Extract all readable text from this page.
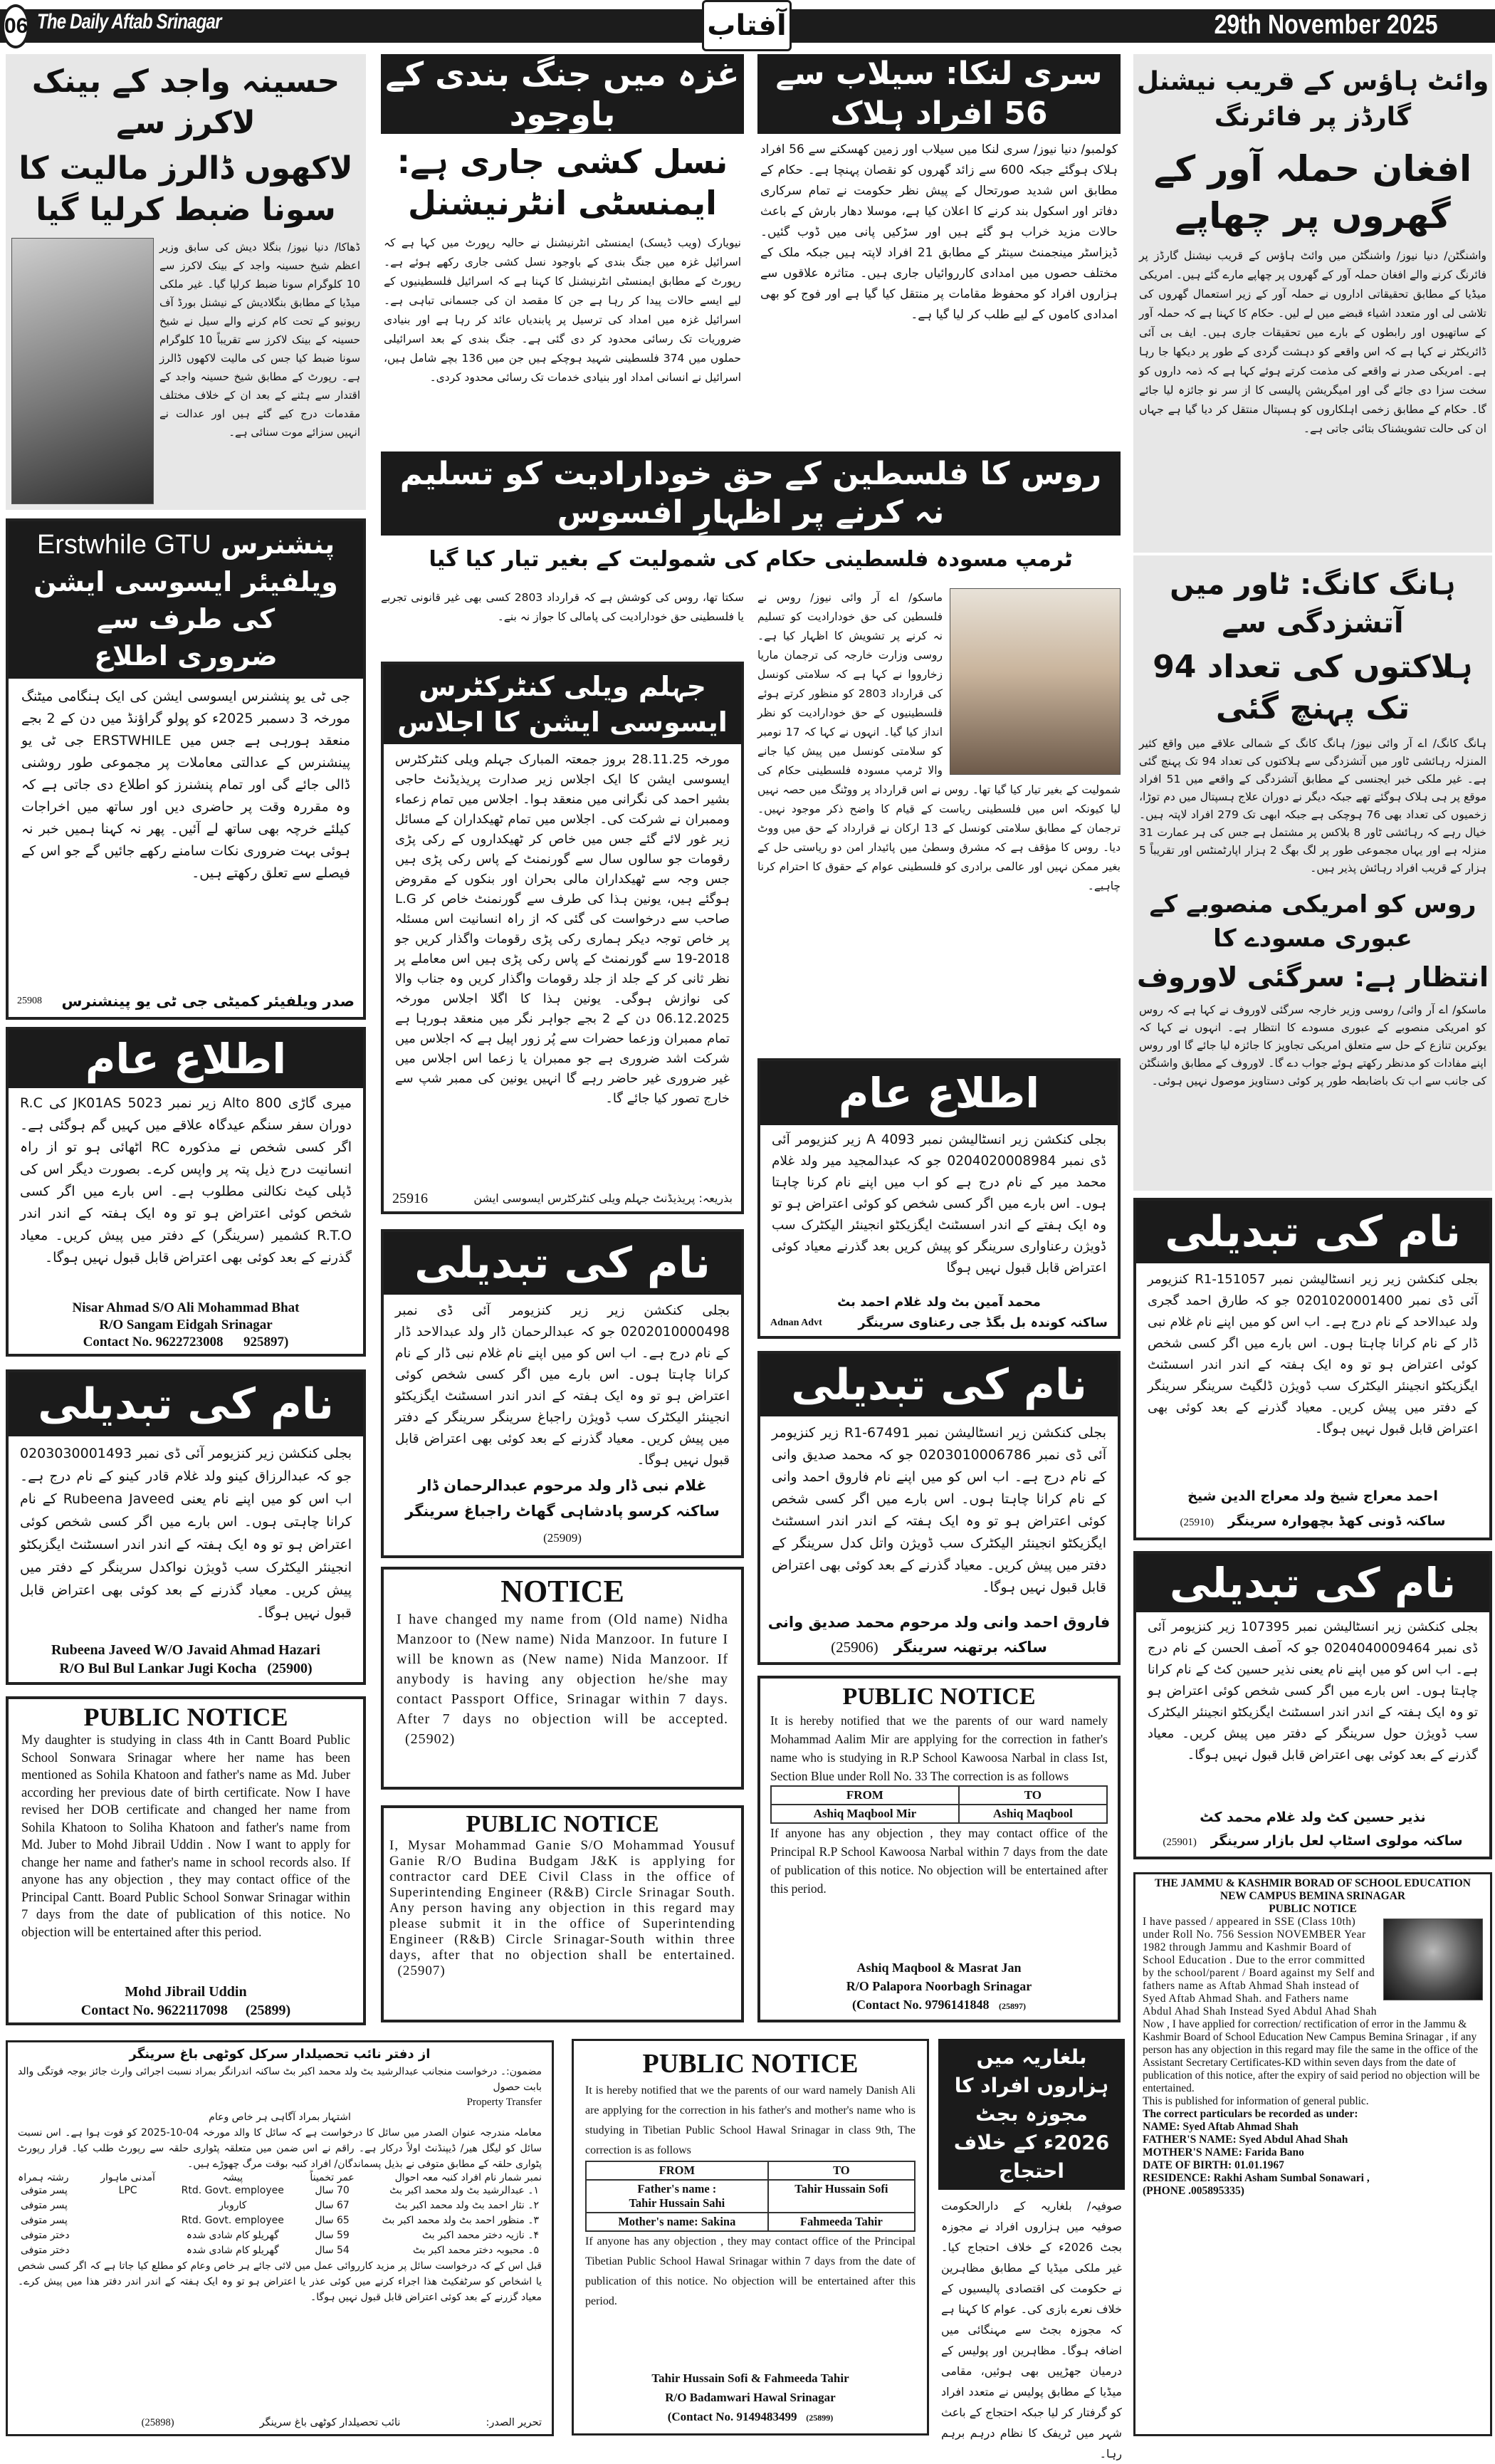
06 The Daily Aftab Srinagar	آفتاب	29th November 2025
حسینہ واجد کے بینک لاکرز سے
لاکھوں ڈالرز مالیت کا سونا ضبط کرلیا گیا
ڈھاکا/ دنیا نیوز/ بنگلا دیش کی سابق وزیر اعظم شیخ حسینہ واجد کے بینک لاکرز سے 10 کلوگرام سونا ضبط کرلیا گیا۔ غیر ملکی میڈیا کے مطابق بنگلادیش کے نیشنل بورڈ آف ریونیو کے تحت کام کرنے والے سیل نے شیخ حسینہ کے بینک لاکرز سے تقریباً 10 کلوگرام سونا ضبط کیا جس کی مالیت لاکھوں ڈالرز ہے۔ رپورٹ کے مطابق شیخ حسینہ واجد کے اقتدار سے ہٹنے کے بعد ان کے خلاف مختلف مقدمات درج کیے گئے ہیں اور عدالت نے انہیں سزائے موت سنائی ہے۔
پنشنرس Erstwhile GTU
ویلفیئر ایسوسی ایشن کی طرف سے
ضروری اطلاع
جی ٹی یو پنشنرس ایسوسی ایشن کی ایک ہنگامی میٹنگ مورخہ 3 دسمبر 2025ء کو پولو گراؤنڈ میں دن کے 2 بجے منعقد ہورہی ہے جس میں ERSTWHILE جی ٹی یو پینشنرس کے عدالتی معاملات پر مجموعی طور روشنی ڈالی جائے گی اور تمام پنشنرز کو اطلاع دی جاتی ہے کہ وہ مقررہ وقت پر حاضری دیں اور ساتھ میں اخراجات کیلئے خرچہ بھی ساتھ لے آئیں۔ پھر نہ کہنا ہمیں خبر نہ ہوئی بہت ضروری نکات سامنے رکھے جائیں گے جو اس کے فیصلے سے تعلق رکھتے ہیں۔
25908 صدر ویلفیئر کمیٹی جی ٹی یو پینشنرس
اطلاع عام
میری گاڑی Alto 800 زیر نمبر JK01AS 5023 کی R.C دوران سفر سنگم عیدگاہ علاقے میں کہیں گم ہوگئی ہے۔ اگر کسی شخص نے مذکورہ RC اٹھائی ہو تو از راہ انسانیت درج ذیل پتہ پر واپس کرے۔ بصورت دیگر اس کی ڈپلی کیٹ نکالنی مطلوب ہے۔ اس بارے میں اگر کسی شخص کوئی اعتراض ہو تو وہ ایک ہفتہ کے اندر اندر R.T.O کشمیر (سرینگر) کے دفتر میں پیش کریں۔ معیاد گذرنے کے بعد کوئی بھی اعتراض قابل قبول نہیں ہوگا۔
Nisar Ahmad S/O Ali Mohammad Bhat
R/O Sangam Eidgah Srinagar
Contact No. 9622723008 925897)
نام کی تبدیلی
بجلی کنکشن زیر کنزیومر آئی ڈی نمبر 0203030001493 جو کہ عبدالرزاق کینو ولد غلام قادر کینو کے نام درج ہے۔ اب اس کو میں اپنے نام یعنی Rubeena Javeed کے نام کرانا چاہتی ہوں۔ اس بارے میں اگر کسی شخص کوئی اعتراض ہو تو وہ ایک ہفتہ کے اندر اندر اسسٹنٹ ایگزیکٹو انجینئر الیکٹرک سب ڈویژن نواکدل سرینگر کے دفتر میں پیش کریں۔ معیاد گذرنے کے بعد کوئی بھی اعتراض قابل قبول نہیں ہوگا۔
Rubeena Javeed W/O Javaid Ahmad Hazari
R/O Bul Bul Lankar Jugi Kocha (25900)
PUBLIC NOTICE
My daughter is studying in class 4th in Cantt Board Public School Sonwara Srinagar where her name has been mentioned as Sohila Khatoon and father's name as Md. Juber according her previous date of birth certificate. Now I have revised her DOB certificate and changed her name from Sohila Khatoon to Soliha Khatoon and father's name from Md. Juber to Mohd Jibrail Uddin . Now I want to apply for change her name and father's name in school records also. If anyone has any objection , they may contact office of the Principal Cantt. Board Public School Sonwar Srinagar within 7 days from the date of publication of this notice. No objection will be entertained after this period.
Mohd Jibrail Uddin
Contact No. 9622117098 (25899)
غزہ میں جنگ بندی کے باوجود
نسل کشی جاری ہے: ایمنسٹی انٹرنیشنل
نیویارک (ویب ڈیسک) ایمنسٹی انٹرنیشنل نے حالیہ رپورٹ میں کہا ہے کہ اسرائیل غزہ میں جنگ بندی کے باوجود نسل کشی جاری رکھے ہوئے ہے۔ رپورٹ کے مطابق ایمنسٹی انٹرنیشنل کا کہنا ہے کہ اسرائیل فلسطینیوں کے لیے ایسے حالات پیدا کر رہا ہے جن کا مقصد ان کی جسمانی تباہی ہے۔ اسرائیل غزہ میں امداد کی ترسیل پر پابندیاں عائد کر رہا ہے اور بنیادی ضروریات تک رسائی محدود کر دی گئی ہے۔ جنگ بندی کے بعد اسرائیلی حملوں میں 374 فلسطینی شہید ہوچکے ہیں جن میں 136 بچے شامل ہیں، اسرائیل نے انسانی امداد اور بنیادی خدمات تک رسائی محدود کردی۔
سری لنکا: سیلاب سے 56 افراد ہلاک
کولمبو/ دنیا نیوز/ سری لنکا میں سیلاب اور زمین کھسکنے سے 56 افراد ہلاک ہوگئے جبکہ 600 سے زائد گھروں کو نقصان پہنچا ہے۔ حکام کے مطابق اس شدید صورتحال کے پیش نظر حکومت نے تمام سرکاری دفاتر اور اسکول بند کرنے کا اعلان کیا ہے، موسلا دھار بارش کے باعث حالات مزید خراب ہو گئے ہیں اور سڑکیں پانی میں ڈوب گئیں۔ ڈیزاسٹر مینجمنٹ سینٹر کے مطابق 21 افراد لاپتہ ہیں جبکہ ملک کے مختلف حصوں میں امدادی کارروائیاں جاری ہیں۔ متاثرہ علاقوں سے ہزاروں افراد کو محفوظ مقامات پر منتقل کیا گیا ہے اور فوج کو بھی امدادی کاموں کے لیے طلب کر لیا گیا ہے۔
وائٹ ہاؤس کے قریب نیشنل گارڈز پر فائرنگ
افغان حملہ آور کے گھروں پر چھاپے
واشنگٹن/ دنیا نیوز/ واشنگٹن میں وائٹ ہاؤس کے قریب نیشنل گارڈز پر فائرنگ کرنے والے افغان حملہ آور کے گھروں پر چھاپے مارے گئے ہیں۔ امریکی میڈیا کے مطابق تحقیقاتی اداروں نے حملہ آور کے زیر استعمال گھروں کی تلاشی لی اور متعدد اشیاء قبضے میں لے لیں۔ حکام کا کہنا ہے کہ حملہ آور کے ساتھیوں اور رابطوں کے بارے میں تحقیقات جاری ہیں۔ ایف بی آئی ڈائریکٹر نے کہا ہے کہ اس واقعے کو دہشت گردی کے طور پر دیکھا جا رہا ہے۔ امریکی صدر نے واقعے کی مذمت کرتے ہوئے کہا ہے کہ ذمہ داروں کو سخت سزا دی جائے گی اور امیگریشن پالیسی کا از سر نو جائزہ لیا جائے گا۔ حکام کے مطابق زخمی اہلکاروں کو ہسپتال منتقل کر دیا گیا ہے جہاں ان کی حالت تشویشناک بتائی جاتی ہے۔
روس کا فلسطین کے حق خودارادیت کو تسلیم نہ کرنے پر اظہارِ افسوس
ٹرمپ مسودہ فلسطینی حکام کی شمولیت کے بغیر تیار کیا گیا
سکتا تھا، روس کی کوشش ہے کہ قرارداد 2803 کسی بھی غیر قانونی تجربے یا فلسطینی حق خودارادیت کی پامالی کا جواز نہ بنے۔
ماسکو/ اے آر وائی نیوز/ روس نے فلسطین کی حق خودارادیت کو تسلیم نہ کرنے پر تشویش کا اظہار کیا ہے۔ روسی وزارت خارجہ کی ترجمان ماریا زخارووا نے کہا ہے کہ سلامتی کونسل کی قرارداد 2803 کو منظور کرتے ہوئے فلسطینیوں کے حق خودارادیت کو نظر انداز کیا گیا۔ انہوں نے کہا کہ 17 نومبر کو سلامتی کونسل میں پیش کیا جانے والا ٹرمپ مسودہ فلسطینی حکام کی شمولیت کے بغیر تیار کیا گیا تھا۔ روس نے اس قرارداد پر ووٹنگ میں حصہ نہیں لیا کیونکہ اس میں فلسطینی ریاست کے قیام کا واضح ذکر موجود نہیں۔ ترجمان کے مطابق سلامتی کونسل کے 13 ارکان نے قرارداد کے حق میں ووٹ دیا۔ روس کا مؤقف ہے کہ مشرق وسطیٰ میں پائیدار امن دو ریاستی حل کے بغیر ممکن نہیں اور عالمی برادری کو فلسطینی عوام کے حقوق کا احترام کرنا چاہیے۔
جہلم ویلی کنٹرکٹرس ایسوسی ایشن کا اجلاس
مورخہ 28.11.25 بروز جمعتہ المبارک جہلم ویلی کنٹرکٹرس ایسوسی ایشن کا ایک اجلاس زیر صدارت پریذیڈنٹ حاجی بشیر احمد کی نگرانی میں منعقد ہوا۔ اجلاس میں تمام زعماء وممبران نے شرکت کی۔ اجلاس میں تمام ٹھیکداران کے مسائل زیر غور لائے گئے جس میں خاص کر ٹھیکداروں کے رکی پڑی رقومات جو سالوں سال سے گورنمنٹ کے پاس رکی پڑی ہیں جس وجہ سے ٹھیکداران مالی بحران اور بنکوں کے مقروض ہوگئے ہیں، یونین ہذا کی طرف سے گورنمنٹ خاص کر L.G صاحب سے درخواست کی گئی کہ از راہ انسانیت اس مسئلہ پر خاص توجہ دیکر ہماری رکی پڑی رقومات واگذار کریں جو 2018-19 سے گورنمنٹ کے پاس رکی پڑی ہیں اس معاملے پر نظر ثانی کر کے جلد از جلد رقومات واگذار کریں وہ جناب والا کی نوازش ہوگی۔ یونین ہذا کا اگلا اجلاس مورخہ 06.12.2025 دن کے 2 بجے جواہر نگر میں منعقد ہورہا ہے تمام ممبران وزعما حضرات سے پُر زور اپیل ہے کہ اجلاس میں شرکت اشد ضروری ہے جو ممبران یا زعما اس اجلاس میں غیر ضروری غیر حاضر رہے گا انہیں یونین کی ممبر شپ سے خارج تصور کیا جائے گا۔
25916	بذریعہ: پریذیڈنٹ جہلم ویلی کنٹرکٹرس ایسوسی ایشن
نام کی تبدیلی
بجلی کنکشن زیر زیر کنزیومر آئی ڈی نمبر 0202010000498 جو کہ عبدالرحمان ڈار ولد عبدالاحد ڈار کے نام درج ہے۔ اب اس کو میں اپنے نام غلام نبی ڈار کے نام کرانا چاہتا ہوں۔ اس بارے میں اگر کسی شخص کوئی اعتراض ہو تو وہ ایک ہفتہ کے اندر اندر اسسٹنٹ ایگزیکٹو انجینئر الیکٹرک سب ڈویژن راجباغ سرینگر سرینگر کے دفتر میں پیش کریں۔ معیاد گذرنے کے بعد کوئی بھی اعتراض قابل قبول نہیں ہوگا۔
غلام نبی ڈار ولد مرحوم عبدالرحمان ڈار
ساکنہ کرسو پادشاہی گھاٹ راجباغ سرینگر (25909)
NOTICE
I have changed my name from (Old name) Nidha Manzoor to (New name) Nida Manzoor. In future I will be known as (New name) Nida Manzoor. If anybody is having any objection he/she may contact Passport Office, Srinagar within 7 days. After 7 days no objection will be accepted.   (25902)
PUBLIC NOTICE
I, Mysar Mohammad Ganie S/O Mohammad Yousuf Ganie R/O Budina Budgam J&K is applying for contractor card DEE Civil Class in the office of Superintending Engineer (R&B) Circle Srinagar South. Any person having any objection in this regard may please submit it in the office of Superintending Engineer (R&B) Circle Srinagar-South within three days, after that no objection shall be entertained.   (25907)
اطلاع عام
بجلی کنکشن زیر انسٹالیشن نمبر A 4093 زیر کنزیومر آئی ڈی نمبر 0204020008984 جو کہ عبدالمجید میر ولد غلام محمد میر کے نام درج ہے کو اب میں اپنے نام کرنا چاہتا ہوں۔ اس بارے میں اگر کسی شخص کو کوئی اعتراض ہو تو وہ ایک ہفتے کے اندر اسسٹنٹ ایگزیکٹو انجینئر الیکٹرک سب ڈویژن رعناواری سرینگر کو پیش کریں بعد گذرنے معیاد کوئی اعتراض قابل قبول نہیں ہوگا
محمد آمین بٹ ولد غلام احمد بٹ
Adnan Advt	ساکنہ کوندہ بل بگڈ جی رعناوی سرینگر
نام کی تبدیلی
بجلی کنکشن زیر انسٹالیشن نمبر 67491-R1 زیر کنزیومر آئی ڈی نمبر 0203010006786 جو کہ محمد صدیق وانی کے نام درج ہے۔ اب اس کو میں اپنے نام فاروق احمد وانی کے نام کرانا چاہتا ہوں۔ اس بارے میں اگر کسی شخص کوئی اعتراض ہو تو وہ ایک ہفتہ کے اندر اندر اسسٹنٹ ایگزیکٹو انجینئر الیکٹرک سب ڈویژن واتل کدل سرینگر کے دفتر میں پیش کریں۔ معیاد گذرنے کے بعد کوئی بھی اعتراض قابل قبول نہیں ہوگا۔
فاروق احمد وانی ولد مرحوم محمد صدیق وانی
ساکنہ برتھنہ سرینگر   (25906)
PUBLIC NOTICE
It is hereby notified that we the parents of our ward namely Mohammad Aalim Mir are applying for the correction in father's name who is studying in R.P School Kawoosa Narbal in class Ist, Section Blue under Roll No. 33 The correction is as follows
FROM	TO
Ashiq Maqbool Mir	Ashiq Maqbool
If anyone has any objection , they may contact office of the Principal R.P School Kawoosa Narbal within 7 days from the date of publication of this notice. No objection will be entertained after this period.
Ashiq Maqbool & Masrat Jan
R/O Palapora Noorbagh Srinagar
(Contact No. 9796141848 (25897)
ہانگ کانگ: ٹاور میں آتشزدگی سے
ہلاکتوں کی تعداد 94 تک پہنچ گئی
ہانگ کانگ/ اے آر وائی نیوز/ ہانگ کانگ کے شمالی علاقے میں واقع کثیر المنزلہ رہائشی ٹاور میں آتشزدگی سے ہلاکتوں کی تعداد 94 تک پہنچ گئی ہے۔ غیر ملکی خبر ایجنسی کے مطابق آتشزدگی کے واقعے میں 51 افراد موقع پر ہی ہلاک ہوگئے تھے جبکہ دیگر نے دوران علاج ہسپتال میں دم توڑا، زخمیوں کی تعداد بھی 76 ہوچکی ہے جبکہ ابھی تک 279 افراد لاپتہ ہیں۔ خیال رہے کہ رہائشی ٹاور 8 بلاکس پر مشتمل ہے جس کی ہر عمارت 31 منزلہ ہے اور یہاں مجموعی طور پر لگ بھگ 2 ہزار اپارٹمنٹس اور تقریباً 5 ہزار کے قریب افراد رہائش پذیر ہیں۔
روس کو امریکی منصوبے کے عبوری مسودے کا
انتظار ہے: سرگئی لاوروف
ماسکو/ اے آر وائی/ روسی وزیر خارجہ سرگئی لاوروف نے کہا ہے کہ روس کو امریکی منصوبے کے عبوری مسودے کا انتظار ہے۔ انہوں نے کہا کہ یوکرین تنازع کے حل سے متعلق امریکی تجاویز کا جائزہ لیا جائے گا اور روس اپنے مفادات کو مدنظر رکھتے ہوئے جواب دے گا۔ لاوروف کے مطابق واشنگٹن کی جانب سے اب تک باضابطہ طور پر کوئی دستاویز موصول نہیں ہوئی۔
نام کی تبدیلی
بجلی کنکشن زیر زیر انسٹالیشن نمبر 151057-R1 کنزیومر آئی ڈی نمبر 0201020001400 جو کہ طارق احمد گجری ولد عبدالاحد کے نام درج ہے۔ اب اس کو میں اپنے نام غلام نبی ڈار کے نام کرانا چاہتا ہوں۔ اس بارے میں اگر کسی شخص کوئی اعتراض ہو تو وہ ایک ہفتہ کے اندر اندر اسسٹنٹ ایگزیکٹو انجینئر الیکٹرک سب ڈویژن ڈلگیٹ سرینگر سرینگر کے دفتر میں پیش کریں۔ معیاد گذرنے کے بعد کوئی بھی اعتراض قابل قبول نہیں ہوگا۔
احمد معراج شیخ ولد معراج الدین شیخ
ساکنہ ڈونی کھڈ بچھوارہ سرینگر   (25910)
نام کی تبدیلی
بجلی کنکشن زیر انسٹالیشن نمبر 107395 زیر کنزیومر آئی ڈی نمبر 0204040009464 جو کہ آصف الحسن کے نام درج ہے۔ اب اس کو میں اپنے نام یعنی نذیر حسین کٹ کے نام کرانا چاہتا ہوں۔ اس بارے میں اگر کسی شخص کوئی اعتراض ہو تو وہ ایک ہفتہ کے اندر اندر اسسٹنٹ ایگزیکٹو انجینئر الیکٹرک سب ڈویژن حول سرینگر کے دفتر میں پیش کریں۔ معیاد گذرنے کے بعد کوئی بھی اعتراض قابل قبول نہیں ہوگا۔
نذیر حسین کٹ ولد غلام محمد کٹ
ساکنہ مولوی اسٹاپ لعل بازار سرینگر   (25901)
THE JAMMU & KASHMIR BORAD OF SCHOOL EDUCATION
NEW CAMPUS BEMINA SRINAGAR
PUBLIC NOTICE
I have passed / appeared in SSE (Class 10th) under Roll No. 756 Session NOVEMBER Year 1982 through Jammu and Kashmir Board of School Education . Due to the error committed by the school/parent / Board against my Self and fathers name as Aftab Ahmad Shah instead of Syed Aftab Ahmad Shah. and Fathers name Abdul Ahad Shah Instead Syed Abdul Ahad Shah
Now , I have applied for correction/ rectification of error in the Jammu & Kashmir Board of School Education New Campus Bemina Srinagar , if any person has any objection in this regard may file the same in the office of the Assistant Secretary Certificates-KD within seven days from the date of publication of this notice, after the expiry of said period no objection will be entertained.
This is published for information of general public.
The correct particulars be recorded as under:
NAME: Syed Aftab Ahmad Shah
FATHER'S NAME: Syed Abdul Ahad Shah
MOTHER'S NAME: Farida Bano
DATE OF BIRTH: 01.01.1967
RESIDENCE: Rakhi Asham Sumbal Sonawari ,
(PHONE .005895335)
از دفتر نائب تحصیلدار سرکل کوٹھی باغ سرینگر
مضمون:۔ درخواست منجانب عبدالرشید بٹ ولد محمد اکبر بٹ ساکنہ اندرانگر بمراد نسبت اجرائی وارث جائز بوجہ فوتگی والد بابت حصول
Property Transfer
اشتہار بمراد آگاہی ہر خاص وعام
معاملہ مندرجہ عنوان الصدر میں سائل کا درخواست ہے کہ سائل کا والد مورخہ 04-10-2025 کو فوت ہوا ہے۔ اس نسبت سائل کو لیگل هیر/ ڈیپنڈنٹ اولاً درکار ہے۔ راقم نے اس ضمن میں متعلقہ پٹواری حلقہ سے رپورٹ طلب کیا۔ قرار رپورٹ پٹواری حلقہ کے مطابق متوفی نے بذیل پسماندگان/ افراد کنبہ بوقت مرگ چھوڑے ہیں۔
نمبر شمار نام افراد کنبہ معہ احوال	عمر تخمیناً	پیشہ	آمدنی ماہوار	رشتہ ہمراہ
۱۔ عبدالرشید بٹ ولد محمد اکبر بٹ	70 سال	Rtd. Govt. employee	LPC	پسر متوفی
۲۔ نثار احمد بٹ ولد محمد اکبر بٹ	67 سال	کاروبار		پسر متوفی
۳۔ منظور احمد بٹ ولد محمد اکبر بٹ	65 سال	Rtd. Govt. employee		پسر متوفی
۴۔ نازیہ دختر محمد اکبر بٹ	59 سال	گھریلو کام شادی شدہ		دختر متوفی
۵۔ محبوبہ دختر محمد اکبر بٹ	54 سال	گھریلو کام شادی شدہ		دختر متوفی
قبل اس کے کہ درخواست سائل پر مزید کارروائی عمل میں لائی جائے ہر خاص وعام کو مطلع کیا جاتا ہے کہ اگر کسی شخص یا اشخاص کو سرٹفکیٹ هذا اجراء کرنے میں کوئی عذر یا اعتراض ہو تو وہ ایک ہفتہ کے اندر اندر دفتر هذا میں پیش کرے۔ معیاد گزرنے کے بعد کوئی اعتراض قابل قبول نہیں ہوگا۔
تحریر الصدر:
نائب تحصیلدار کوٹھی باغ سرینگر
(25898)
PUBLIC NOTICE
It is hereby notified that we the parents of our ward namely Danish Ali are applying for the correction in his father's and mother's name who is studying in Tibetian Public School Hawal Srinagar in class 9th, The correction is as follows
FROM	TO

Father's name :
Tahir Hussain Sahi	Tahir Hussain Sofi
Mother's name: Sakina	Fahmeeda Tahir
If anyone has any objection , they may contact office of the Principal Tibetian Public School Hawal Srinagar within 7 days from the date of publication of this notice. No objection will be entertained after this period.
Tahir Hussain Sofi & Fahmeeda Tahir
R/O Badamwari Hawal Srinagar
(Contact No. 9149483499 (25899)
بلغاریہ میں ہزاروں افراد کا مجوزہ بجٹ 2026ء کے خلاف احتجاج
صوفیہ/ بلغاریہ کے دارالحکومت صوفیہ میں ہزاروں افراد نے مجوزہ بجٹ 2026ء کے خلاف احتجاج کیا۔ غیر ملکی میڈیا کے مطابق مظاہرین نے حکومت کی اقتصادی پالیسیوں کے خلاف نعرے بازی کی۔ عوام کا کہنا ہے کہ مجوزہ بجٹ سے مہنگائی میں اضافہ ہوگا۔ مظاہرین اور پولیس کے درمیان جھڑپیں بھی ہوئیں، مقامی میڈیا کے مطابق پولیس نے متعدد افراد کو گرفتار کر لیا جبکہ احتجاج کے باعث شہر میں ٹریفک کا نظام درہم برہم رہا۔
